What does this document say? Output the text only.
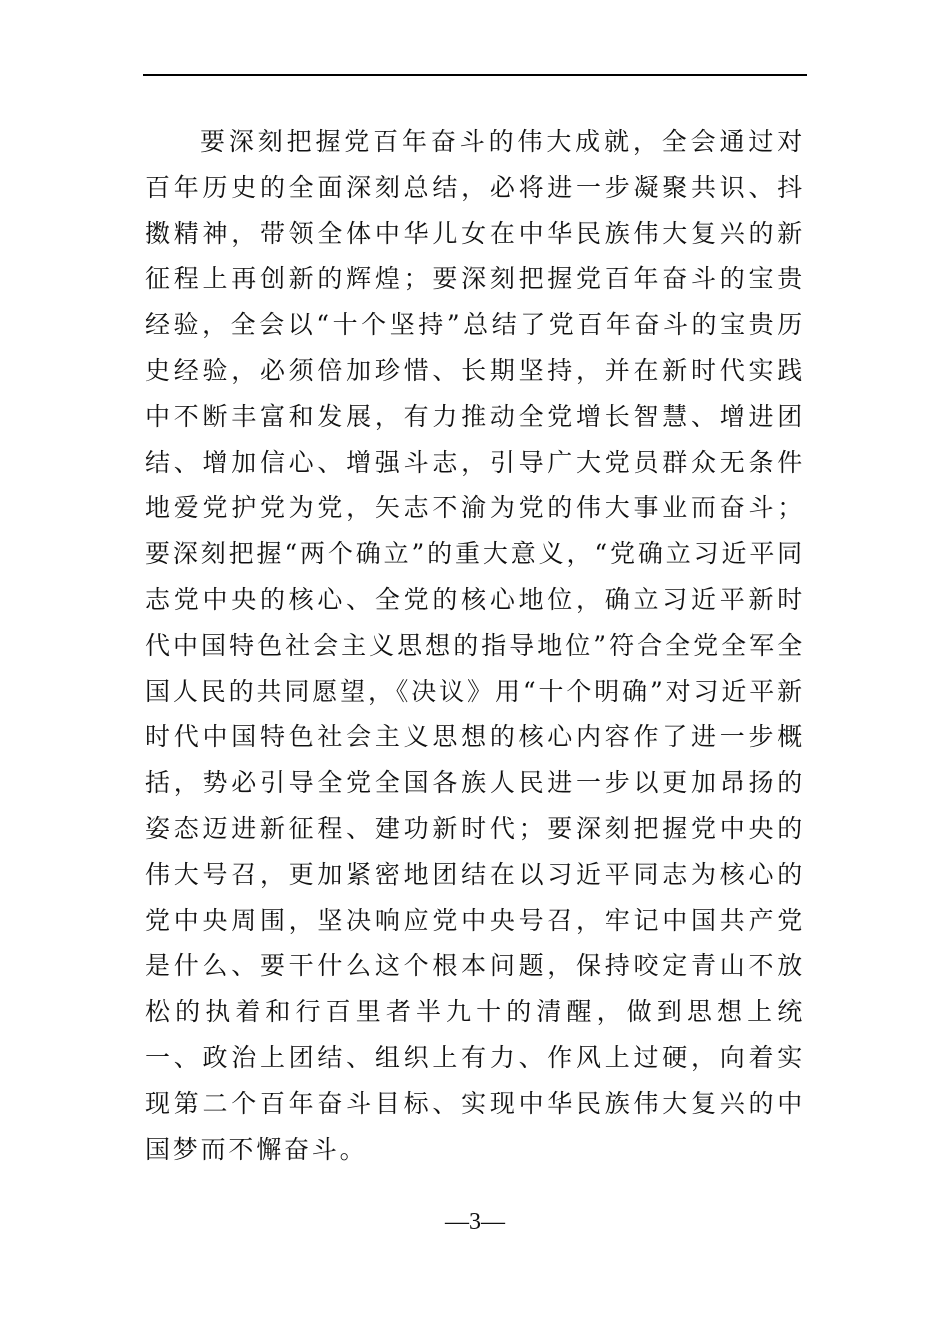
要深刻把握党百年奋斗的伟大成就，全会通过对百年历史的全面深刻总结，必将进一步凝聚共识、抖擞精神，带领全体中华儿女在中华民族伟大复兴的新征程上再创新的辉煌；要深刻把握党百年奋斗的宝贵经验，全会以“十个坚持”总结了党百年奋斗的宝贵历史经验，必须倍加珍惜、长期坚持，并在新时代实践中不断丰富和发展，有力推动全党增长智慧、增进团结、增加信心、增强斗志，引导广大党员群众无条件地爱党护党为党，矢志不渝为党的伟大事业而奋斗；要深刻把握“两个确立”的重大意义，“党确立习近平同志党中央的核心、全党的核心地位，确立习近平新时代中国特色社会主义思想的指导地位”符合全党全军全国人民的共同愿望，《决议》用“十个明确”对习近平新时代中国特色社会主义思想的核心内容作了进一步概括，势必引导全党全国各族人民进一步以更加昂扬的姿态迈进新征程、建功新时代；要深刻把握党中央的伟大号召，更加紧密地团结在以习近平同志为核心的党中央周围，坚决响应党中央号召，牢记中国共产党是什么、要干什么这个根本问题，保持咬定青山不放松的执着和行百里者半九十的清醒，做到思想上统一、政治上团结、组织上有力、作风上过硬，向着实现第二个百年奋斗目标、实现中华民族伟大复兴的中国梦而不懈奋斗。

—3—
